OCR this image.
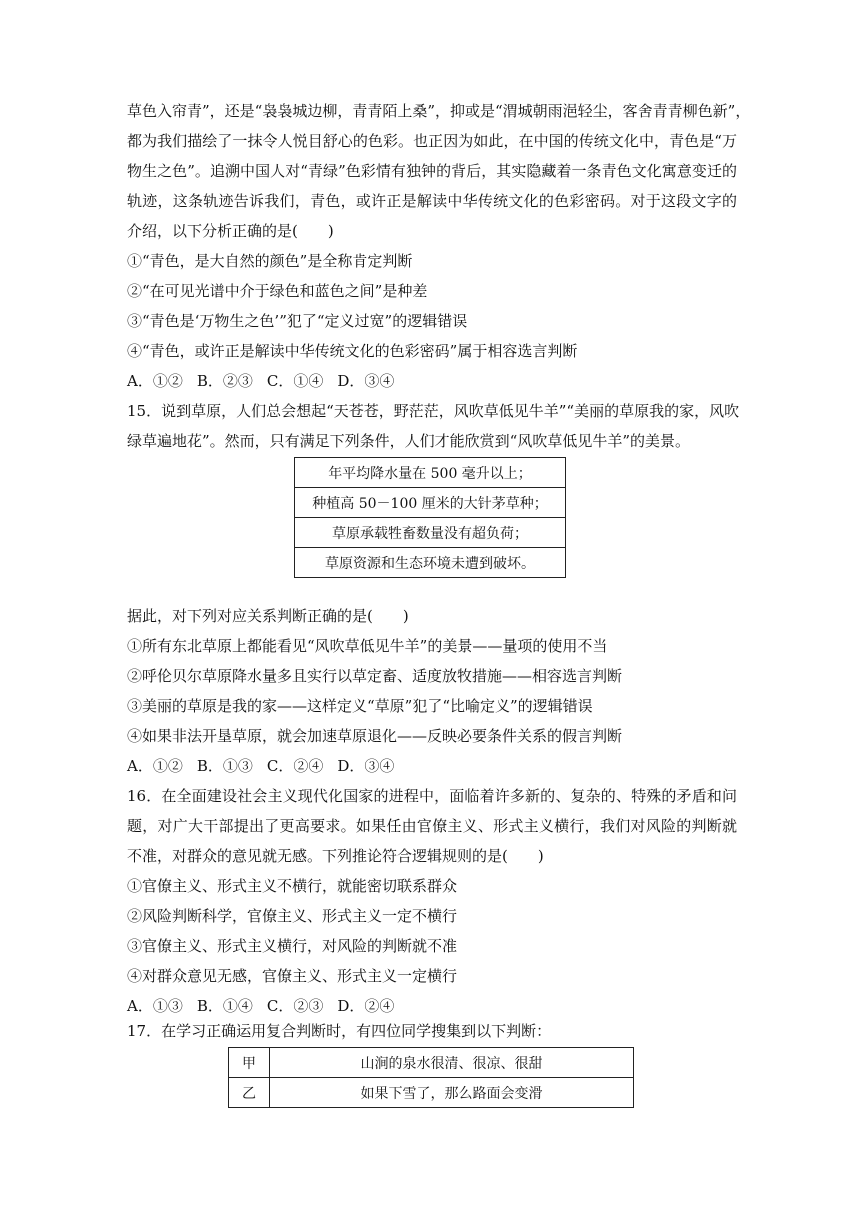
草色入帘青”，还是“袅袅城边柳，青青陌上桑”，抑或是“渭城朝雨浥轻尘，客舍青青柳色新”，
都为我们描绘了一抹令人悦目舒心的色彩。也正因为如此，在中国的传统文化中，青色是“万
物生之色”。追溯中国人对“青绿”色彩情有独钟的背后，其实隐藏着一条青色文化寓意变迁的
轨迹，这条轨迹告诉我们，青色，或许正是解读中华传统文化的色彩密码。对于这段文字的
介绍，以下分析正确的是(　　)
①“青色，是大自然的颜色”是全称肯定判断
②“在可见光谱中介于绿色和蓝色之间”是种差
③“青色是‘万物生之色’”犯了“定义过宽”的逻辑错误
④“青色，或许正是解读中华传统文化的色彩密码”属于相容选言判断
A．①② B．②③ C．①④ D．③④
15．说到草原，人们总会想起“天苍苍，野茫茫，风吹草低见牛羊”“美丽的草原我的家，风吹
绿草遍地花”。然而，只有满足下列条件，人们才能欣赏到“风吹草低见牛羊”的美景。
年平均降水量在 500 毫升以上；
种植高 50－100 厘米的大针茅草种；
草原承载牲畜数量没有超负荷；
草原资源和生态环境未遭到破坏。
据此，对下列对应关系判断正确的是(　　)
①所有东北草原上都能看见“风吹草低见牛羊”的美景——量项的使用不当
②呼伦贝尔草原降水量多且实行以草定畜、适度放牧措施——相容选言判断
③美丽的草原是我的家——这样定义“草原”犯了“比喻定义”的逻辑错误
④如果非法开垦草原，就会加速草原退化——反映必要条件关系的假言判断
A．①② B．①③ C．②④ D．③④
16．在全面建设社会主义现代化国家的进程中，面临着许多新的、复杂的、特殊的矛盾和问
题，对广大干部提出了更高要求。如果任由官僚主义、形式主义横行，我们对风险的判断就
不准，对群众的意见就无感。下列推论符合逻辑规则的是(　　)
①官僚主义、形式主义不横行，就能密切联系群众
②风险判断科学，官僚主义、形式主义一定不横行
③官僚主义、形式主义横行，对风险的判断就不准
④对群众意见无感，官僚主义、形式主义一定横行
A．①③ B．①④ C．②③ D．②④
17．在学习正确运用复合判断时，有四位同学搜集到以下判断：
甲	山涧的泉水很清、很凉、很甜
乙	如果下雪了，那么路面会变滑
